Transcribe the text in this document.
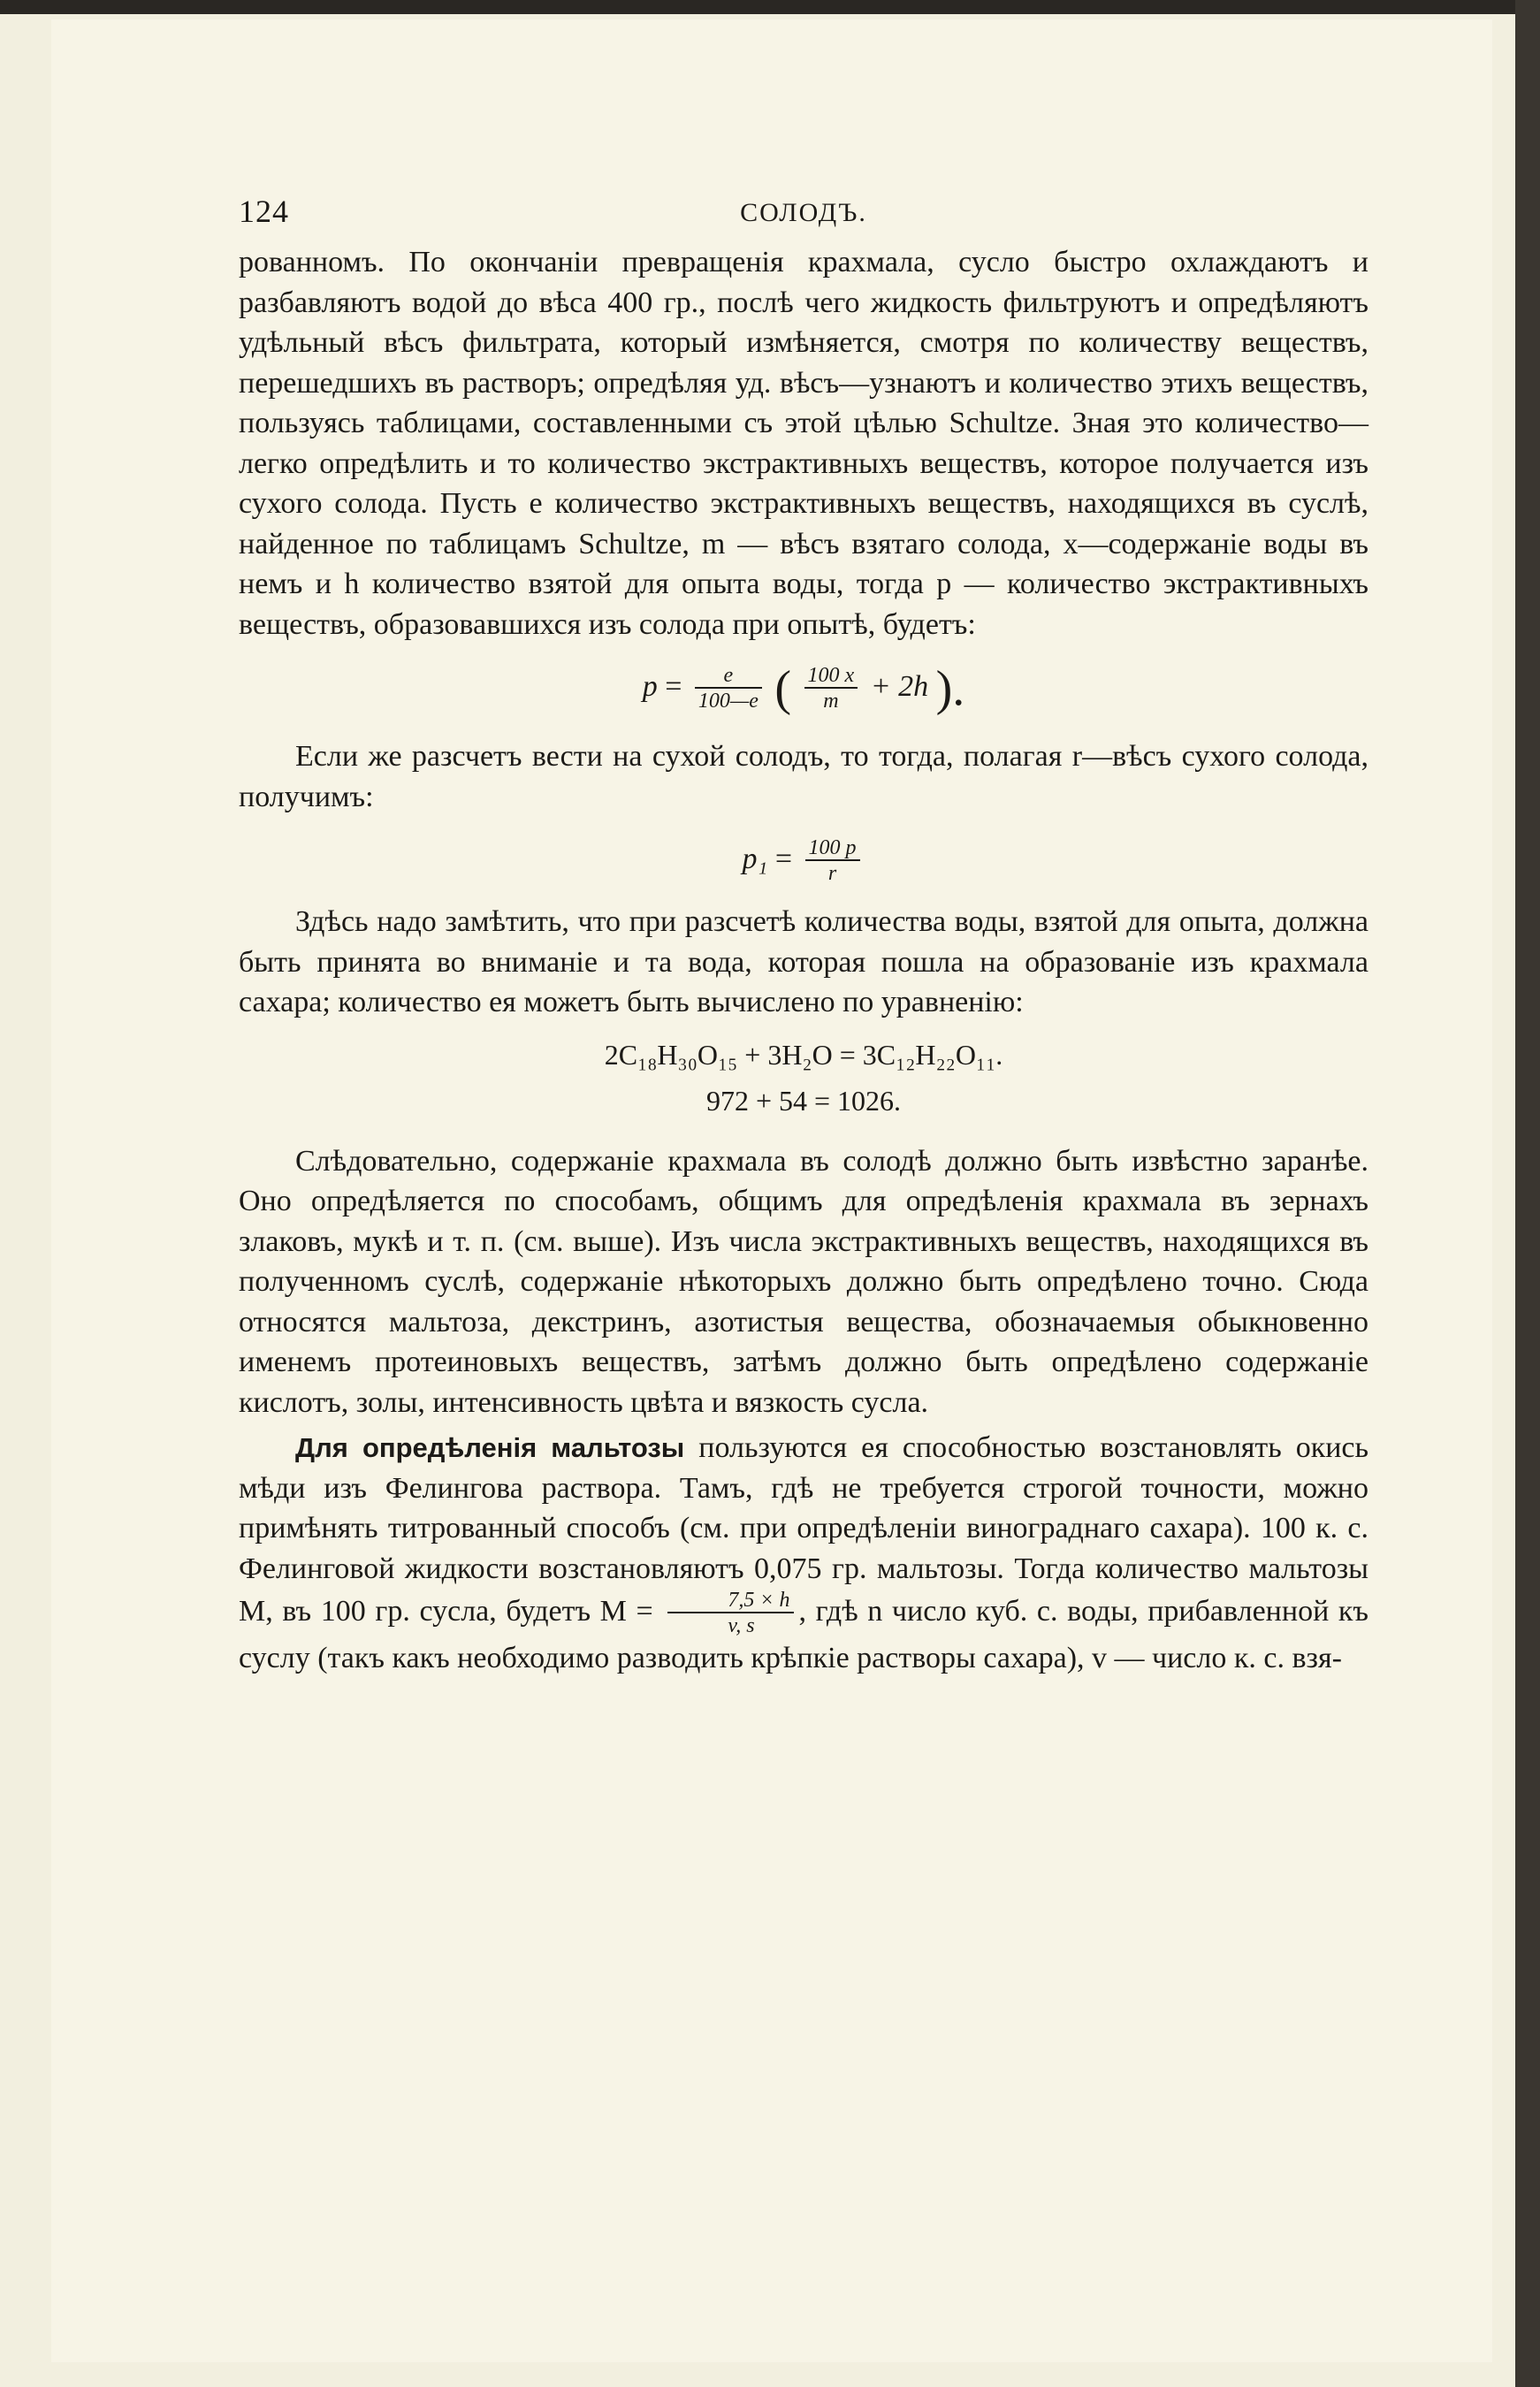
124	СОЛОДЪ.

рованномъ. По окончаніи превращенія крахмала, сусло быстро охлаждаютъ и разбавляютъ водой до вѣса 400 гр., послѣ чего жидкость фильтруютъ и опредѣляютъ удѣльный вѣсъ фильтрата, который измѣняется, смотря по количеству веществъ, перешедшихъ въ растворъ; опредѣляя уд. вѣсъ—узнаютъ и количество этихъ веществъ, пользуясь таблицами, составленными съ этой цѣлью Schultze. Зная это количество—легко опредѣлить и то количество экстрактивныхъ веществъ, которое получается изъ сухого солода. Пусть e количество экстрактивныхъ веществъ, находящихся въ суслѣ, найденное по таблицамъ Schultze, m — вѣсъ взятаго солода, x—содержаніе воды въ немъ и h количество взятой для опыта воды, тогда p — количество экстрактивныхъ веществъ, образовавшихся изъ солода при опытѣ, будетъ:

$p = \frac{e}{100—e}$ ( $\frac{100 x}{m} + 2h$ ).

Если же разсчетъ вести на сухой солодъ, то тогда, полагая r—вѣсъ сухого солода, получимъ:

$p_1 = \frac{100 p}{r}$

Здѣсь надо замѣтить, что при разсчетѣ количества воды, взятой для опыта, должна быть принята во вниманіе и та вода, которая пошла на образованіе изъ крахмала сахара; количество ея можетъ быть вычислено по уравненію:

2C₁₈H₃₀O₁₅ + 3H₂O = 3C₁₂H₂₂O₁₁.
972 + 54 = 1026.

Слѣдовательно, содержаніе крахмала въ солодѣ должно быть извѣстно заранѣе. Оно опредѣляется по способамъ, общимъ для опредѣленія крахмала въ зернахъ злаковъ, мукѣ и т. п. (см. выше). Изъ числа экстрактивныхъ веществъ, находящихся въ полученномъ суслѣ, содержаніе нѣкоторыхъ должно быть опредѣлено точно. Сюда относятся мальтоза, декстринъ, азотистыя вещества, обозначаемыя обыкновенно именемъ протеиновыхъ веществъ, затѣмъ должно быть опредѣлено содержаніе кислотъ, золы, интенсивность цвѣта и вязкость сусла.

Для опредѣленія мальтозы пользуются ея способностью возстановлять окись мѣди изъ Фелингова раствора. Тамъ, гдѣ не требуется строгой точности, можно примѣнять титрованный способъ (см. при опредѣленіи винограднаго сахара). 100 к. с. Фелинговой жидкости возстановляютъ 0,075 гр. мальтозы. Тогда количество мальтозы M, въ 100 гр. сусла, будетъ $M = \frac{7,5 \times h}{v, s}$ , гдѣ n число куб. с. воды, прибавленной къ суслу (такъ какъ необходимо разводить крѣпкіе растворы сахара), v — число к. с. взя-
